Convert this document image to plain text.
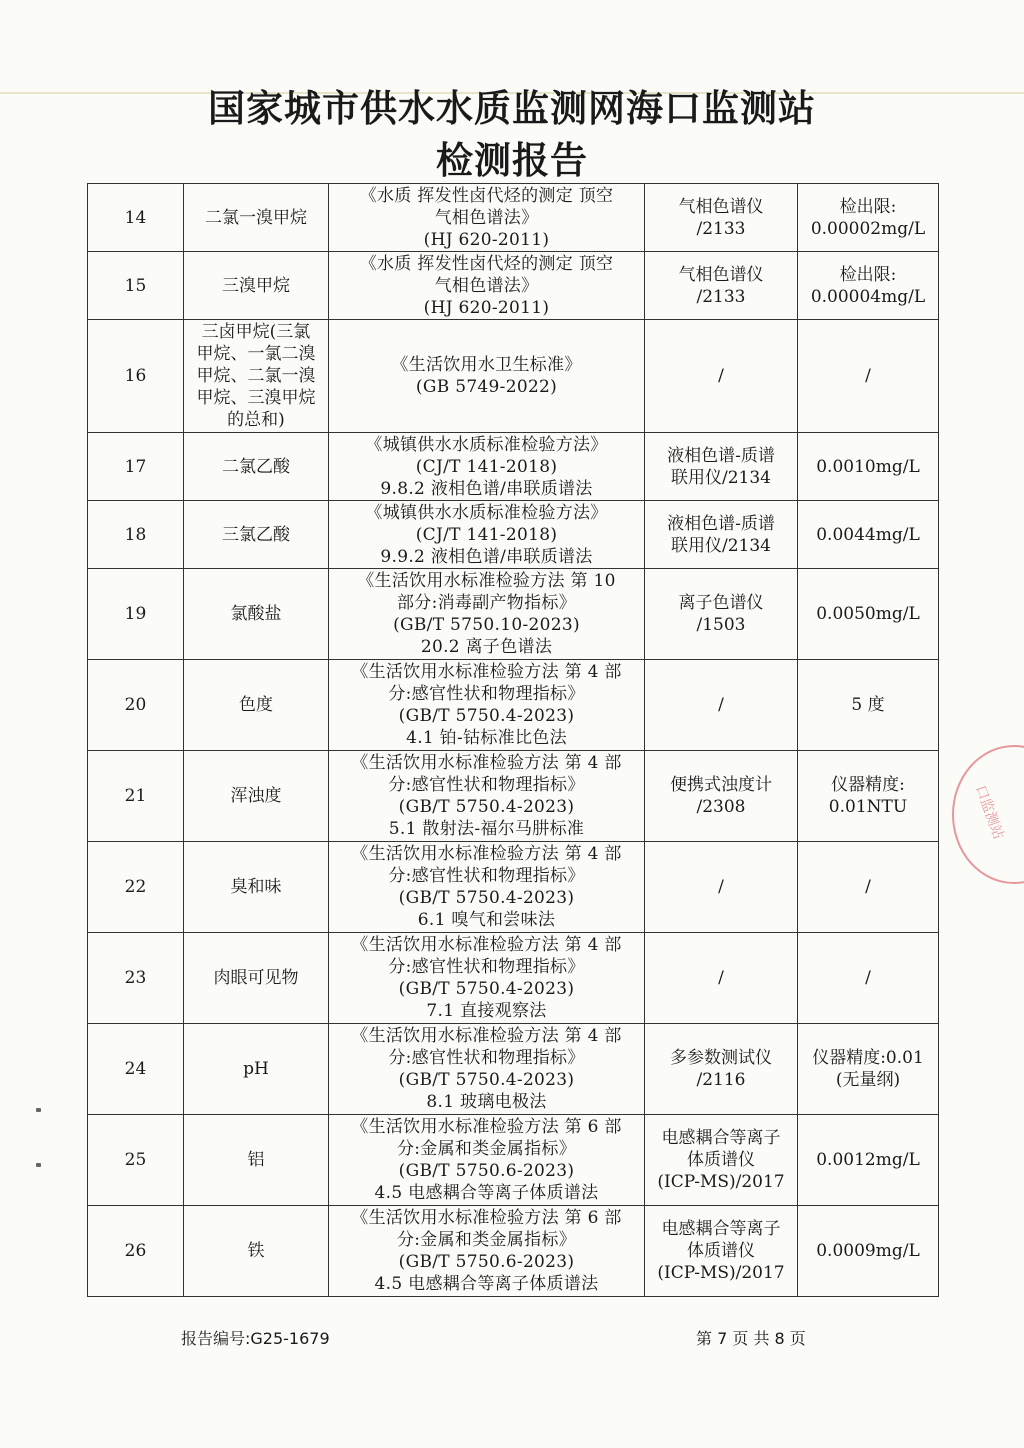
国家城市供水水质监测网海口监测站
检测报告
14	二氯一溴甲烷	《水质 挥发性卤代烃的测定 顶空
气相色谱法》
(HJ 620-2011)	气相色谱仪
/2133	检出限:
0.00002mg/L
15	三溴甲烷	《水质 挥发性卤代烃的测定 顶空
气相色谱法》
(HJ 620-2011)	气相色谱仪
/2133	检出限:
0.00004mg/L
16	三卤甲烷(三氯
甲烷、一氯二溴
甲烷、二氯一溴
甲烷、三溴甲烷
的总和)	《生活饮用水卫生标准》
(GB 5749-2022)	/	/
17	二氯乙酸	《城镇供水水质标准检验方法》
(CJ/T 141-2018)
9.8.2 液相色谱/串联质谱法	液相色谱-质谱
联用仪/2134	0.0010mg/L
18	三氯乙酸	《城镇供水水质标准检验方法》
(CJ/T 141-2018)
9.9.2 液相色谱/串联质谱法	液相色谱-质谱
联用仪/2134	0.0044mg/L
19	氯酸盐	《生活饮用水标准检验方法 第 10
部分:消毒副产物指标》
(GB/T 5750.10-2023)
20.2 离子色谱法	离子色谱仪
/1503	0.0050mg/L
20	色度	《生活饮用水标准检验方法 第 4 部
分:感官性状和物理指标》
(GB/T 5750.4-2023)
4.1 铂-钴标准比色法	/	5 度
21	浑浊度	《生活饮用水标准检验方法 第 4 部
分:感官性状和物理指标》
(GB/T 5750.4-2023)
5.1 散射法-福尔马肼标准	便携式浊度计
/2308	仪器精度:
0.01NTU
22	臭和味	《生活饮用水标准检验方法 第 4 部
分:感官性状和物理指标》
(GB/T 5750.4-2023)
6.1 嗅气和尝味法	/	/
23	肉眼可见物	《生活饮用水标准检验方法 第 4 部
分:感官性状和物理指标》
(GB/T 5750.4-2023)
7.1 直接观察法	/	/
24	pH	《生活饮用水标准检验方法 第 4 部
分:感官性状和物理指标》
(GB/T 5750.4-2023)
8.1 玻璃电极法	多参数测试仪
/2116	仪器精度:0.01
(无量纲)
25	铝	《生活饮用水标准检验方法 第 6 部
分:金属和类金属指标》
(GB/T 5750.6-2023)
4.5 电感耦合等离子体质谱法	电感耦合等离子
体质谱仪
(ICP-MS)/2017	0.0012mg/L
26	铁	《生活饮用水标准检验方法 第 6 部
分:金属和类金属指标》
(GB/T 5750.6-2023)
4.5 电感耦合等离子体质谱法	电感耦合等离子
体质谱仪
(ICP-MS)/2017	0.0009mg/L
口监测站
报告编号:G25-1679	第 7 页 共 8 页
